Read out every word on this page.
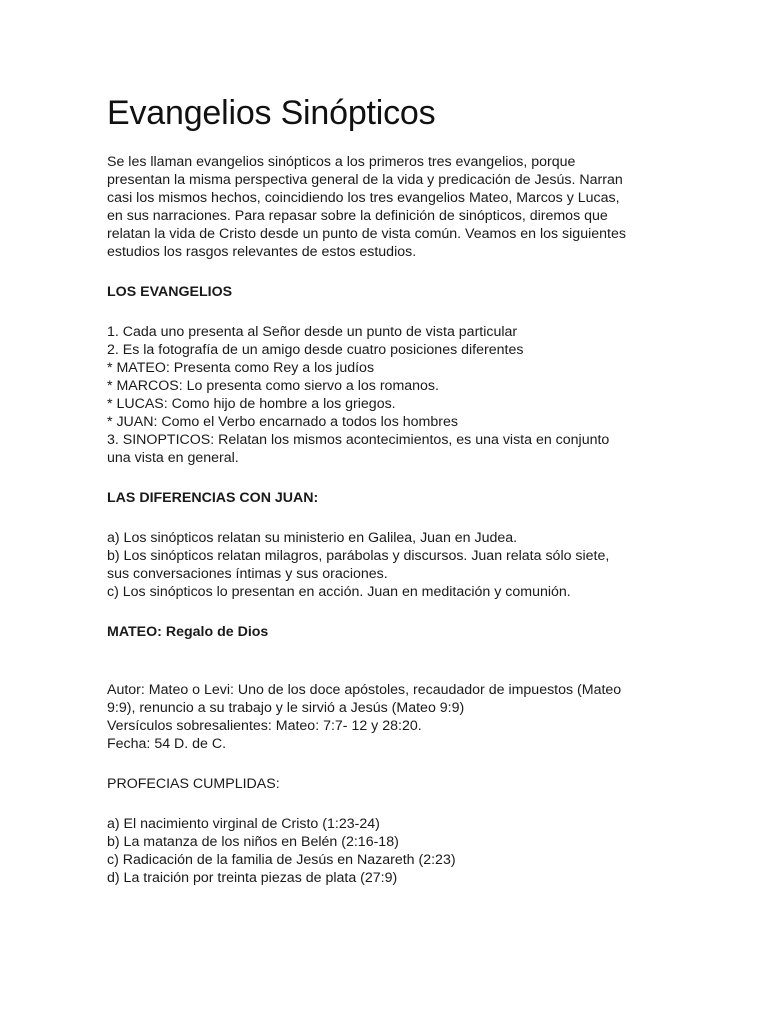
Evangelios Sinópticos

Se les llaman evangelios sinópticos a los primeros tres evangelios, porque
presentan la misma perspectiva general de la vida y predicación de Jesús. Narran
casi los mismos hechos, coincidiendo los tres evangelios Mateo, Marcos y Lucas,
en sus narraciones. Para repasar sobre la definición de sinópticos, diremos que
relatan la vida de Cristo desde un punto de vista común. Veamos en los siguientes
estudios los rasgos relevantes de estos estudios.

LOS EVANGELIOS

1. Cada uno presenta al Señor desde un punto de vista particular
2. Es la fotografía de un amigo desde cuatro posiciones diferentes
* MATEO: Presenta como Rey a los judíos
* MARCOS: Lo presenta como siervo a los romanos.
* LUCAS: Como hijo de hombre a los griegos.
* JUAN: Como el Verbo encarnado a todos los hombres
3. SINOPTICOS: Relatan los mismos acontecimientos, es una vista en conjunto
una vista en general.

LAS DIFERENCIAS CON JUAN:

a) Los sinópticos relatan su ministerio en Galilea, Juan en Judea.
b) Los sinópticos relatan milagros, parábolas y discursos. Juan relata sólo siete,
sus conversaciones íntimas y sus oraciones.
c) Los sinópticos lo presentan en acción. Juan en meditación y comunión.

MATEO: Regalo de Dios

Autor: Mateo o Levi: Uno de los doce apóstoles, recaudador de impuestos (Mateo
9:9), renuncio a su trabajo y le sirvió a Jesús (Mateo 9:9)
Versículos sobresalientes: Mateo: 7:7- 12 y 28:20.
Fecha: 54 D. de C.

PROFECIAS CUMPLIDAS:

a) El nacimiento virginal de Cristo (1:23-24)
b) La matanza de los niños en Belén (2:16-18)
c) Radicación de la familia de Jesús en Nazareth (2:23)
d) La traición por treinta piezas de plata (27:9)
